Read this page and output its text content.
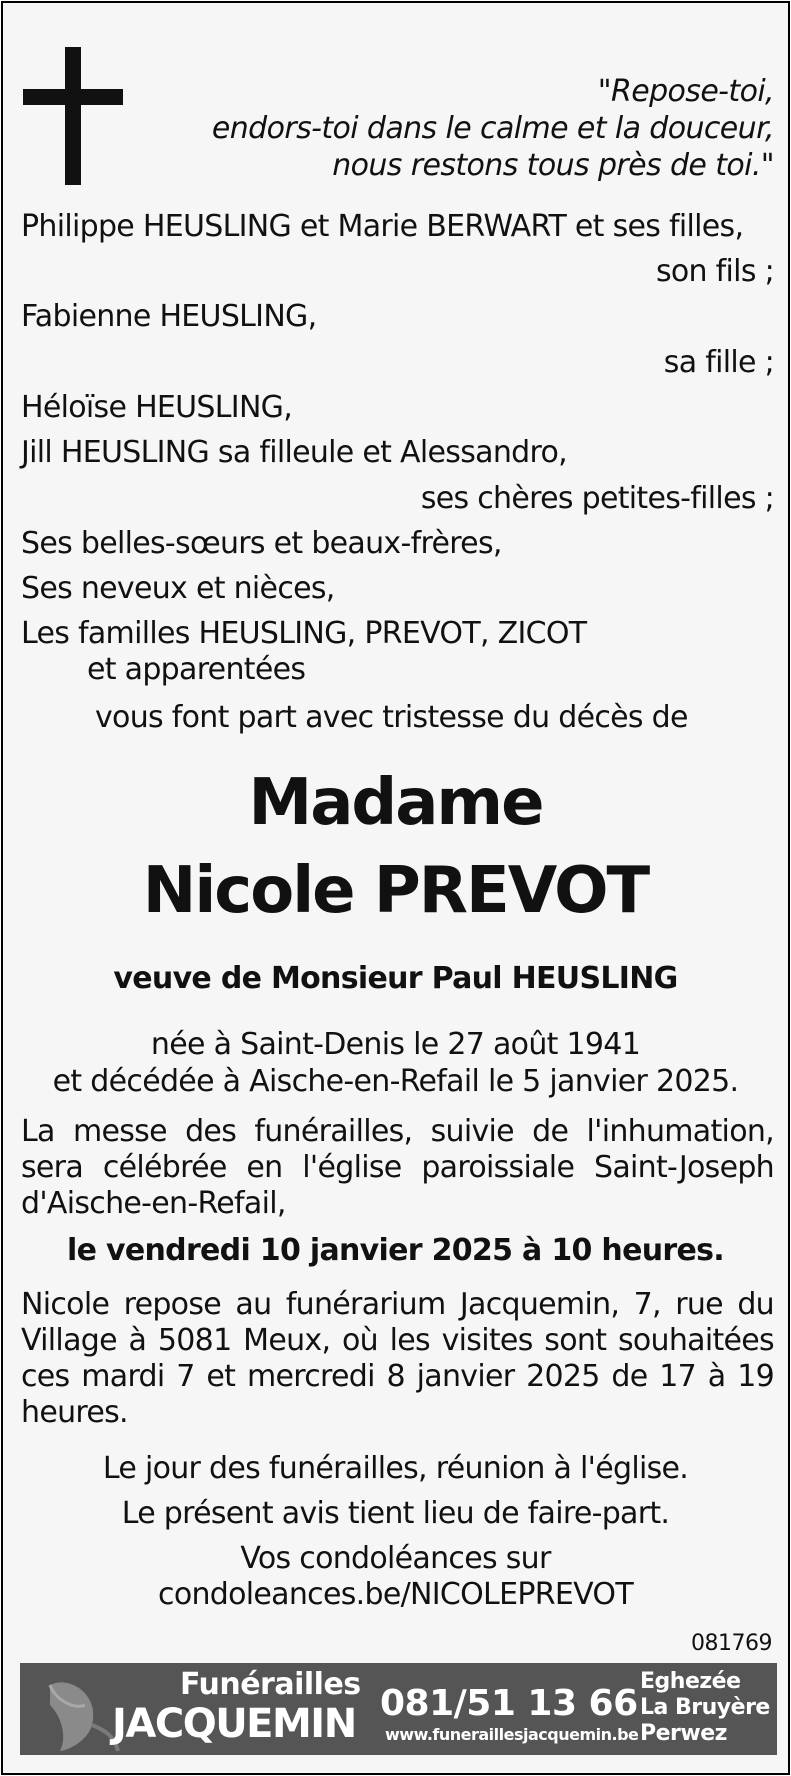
"Repose-toi,
endors-toi dans le calme et la douceur,
nous restons tous près de toi."
Philippe HEUSLING et Marie BERWART et ses filles,
son fils ;
Fabienne HEUSLING,
sa fille ;
Héloïse HEUSLING,
Jill HEUSLING sa filleule et Alessandro,
ses chères petites-filles ;
Ses belles-sœurs et beaux-frères,
Ses neveux et nièces,
Les familles HEUSLING, PREVOT, ZICOT
et apparentées
vous font part avec tristesse du décès de
Madame
Nicole PREVOT
veuve de Monsieur Paul HEUSLING
née à Saint-Denis le 27 août 1941
et décédée à Aische-en-Refail le 5 janvier 2025.
La messe des funérailles, suivie de l'inhumation, sera célébrée en l'église paroissiale Saint-Joseph d'Aische-en-Refail,
le vendredi 10 janvier 2025 à 10 heures.
Nicole repose au funérarium Jacquemin, 7, rue du Village à 5081 Meux, où les visites sont souhaitées ces mardi 7 et mercredi 8 janvier 2025 de 17 à 19 heures.
Le jour des funérailles, réunion à l'église.
Le présent avis tient lieu de faire-part.
Vos condoléances sur
condoleances.be/NICOLEPREVOT
081769
Funérailles
JACQUEMIN 081/51 13 66
www.funeraillesjacquemin.be
Eghezée
La Bruyère
Perwez
